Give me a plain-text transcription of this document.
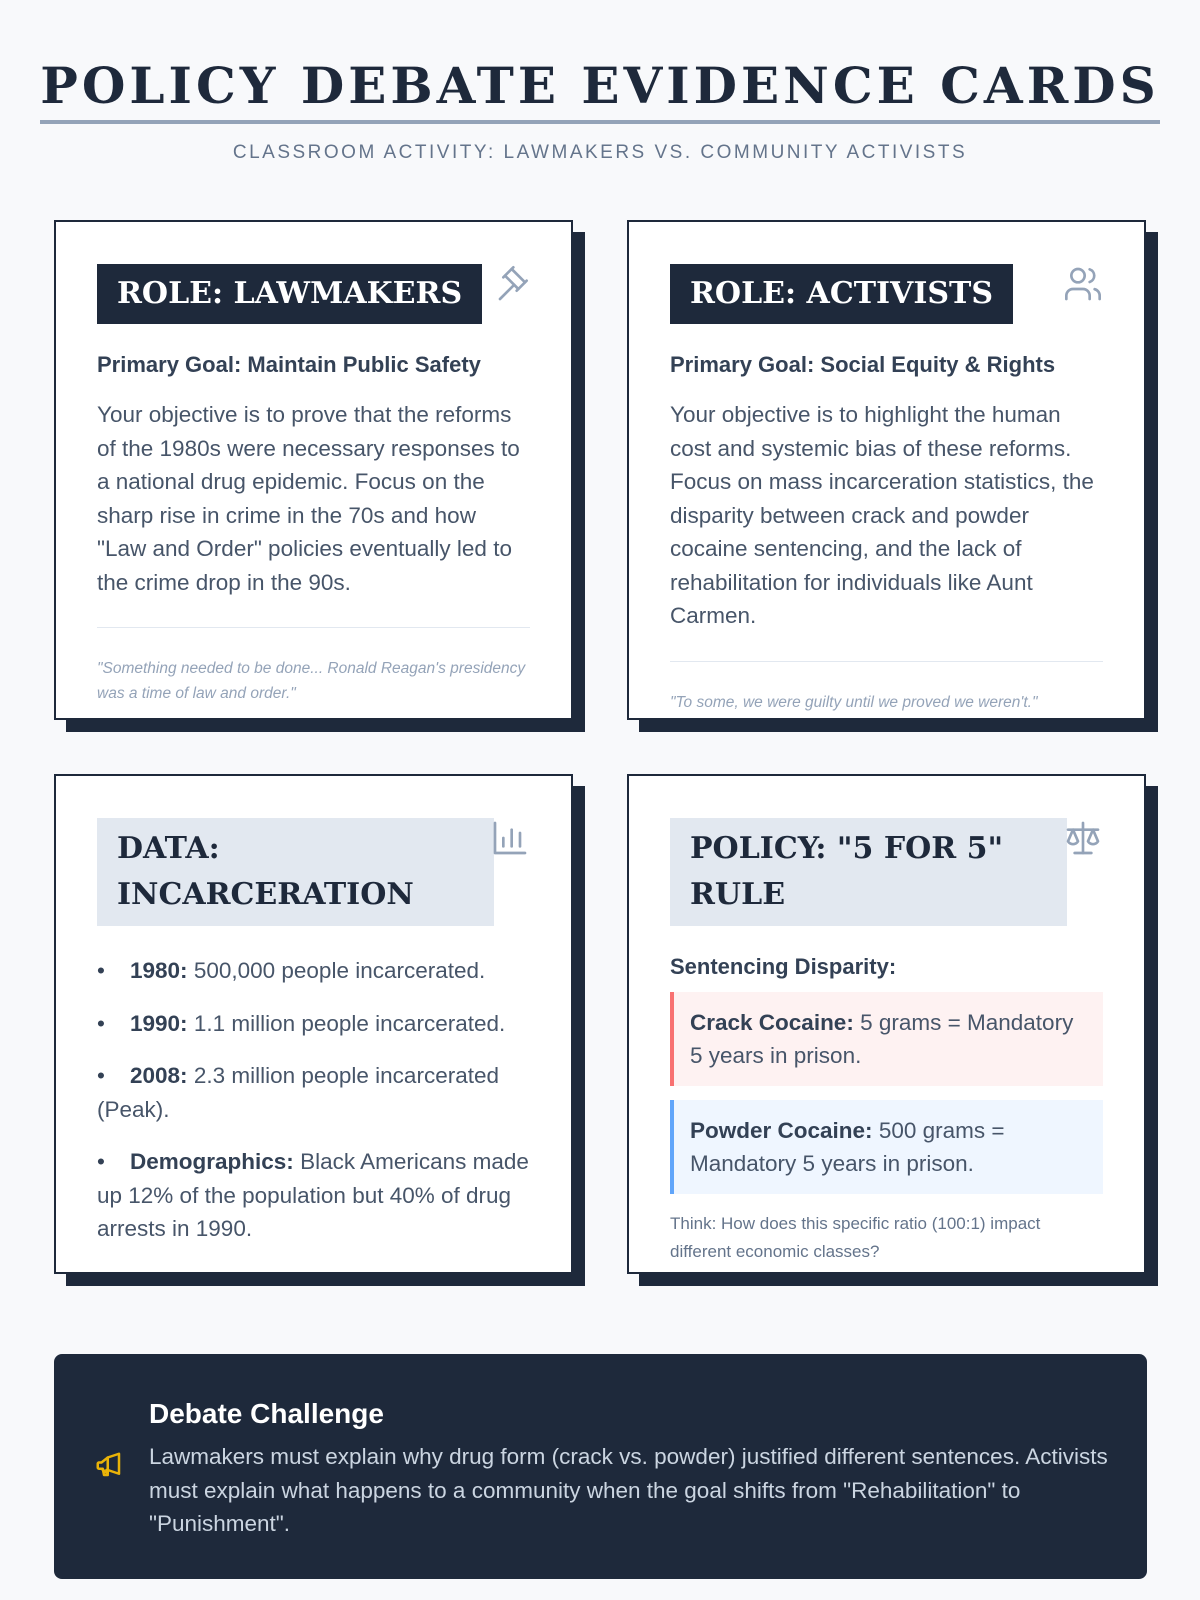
POLICY DEBATE EVIDENCE CARDS
CLASSROOM ACTIVITY: LAWMAKERS VS. COMMUNITY ACTIVISTS
ROLE: LAWMAKERS
Primary Goal: Maintain Public Safety
Your objective is to prove that the reforms of the 1980s were necessary responses to a national drug epidemic. Focus on the sharp rise in crime in the 70s and how "Law and Order" policies eventually led to the crime drop in the 90s.
"Something needed to be done... Ronald Reagan's presidency was a time of law and order."
ROLE: ACTIVISTS
Primary Goal: Social Equity & Rights
Your objective is to highlight the human cost and systemic bias of these reforms. Focus on mass incarceration statistics, the disparity between crack and powder cocaine sentencing, and the lack of rehabilitation for individuals like Aunt Carmen.
"To some, we were guilty until we proved we weren't."
DATA: INCARCERATION
• 1980: 500,000 people incarcerated.
• 1990: 1.1 million people incarcerated.
• 2008: 2.3 million people incarcerated (Peak).
• Demographics: Black Americans made up 12% of the population but 40% of drug arrests in 1990.
POLICY: "5 FOR 5" RULE
Sentencing Disparity:
Crack Cocaine: 5 grams = Mandatory 5 years in prison.
Powder Cocaine: 500 grams = Mandatory 5 years in prison.
Think: How does this specific ratio (100:1) impact different economic classes?
Debate Challenge

Lawmakers must explain why drug form (crack vs. powder) justified different sentences. Activists must explain what happens to a community when the goal shifts from "Rehabilitation" to "Punishment".
